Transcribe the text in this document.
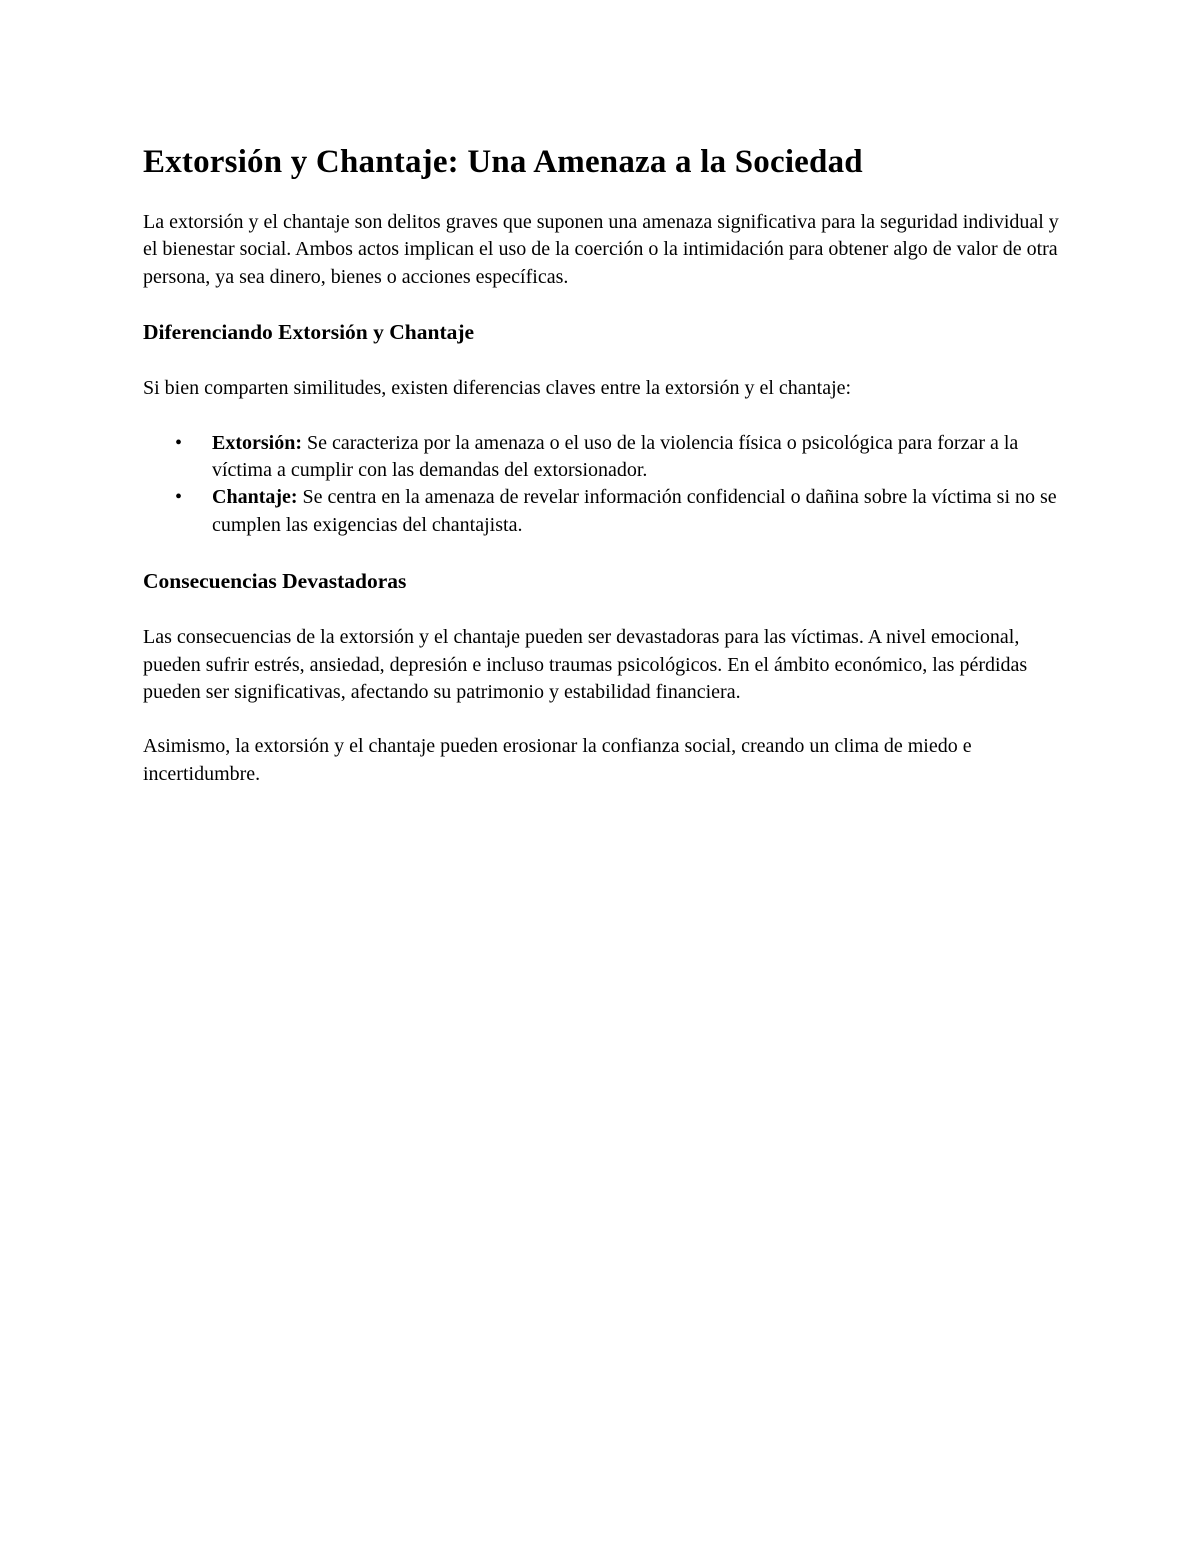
Extorsión y Chantaje: Una Amenaza a la Sociedad

La extorsión y el chantaje son delitos graves que suponen una amenaza significativa para la seguridad individual y el bienestar social. Ambos actos implican el uso de la coerción o la intimidación para obtener algo de valor de otra persona, ya sea dinero, bienes o acciones específicas.

Diferenciando Extorsión y Chantaje

Si bien comparten similitudes, existen diferencias claves entre la extorsión y el chantaje:

• Extorsión: Se caracteriza por la amenaza o el uso de la violencia física o psicológica para forzar a la víctima a cumplir con las demandas del extorsionador.
• Chantaje: Se centra en la amenaza de revelar información confidencial o dañina sobre la víctima si no se cumplen las exigencias del chantajista.
Consecuencias Devastadoras

Las consecuencias de la extorsión y el chantaje pueden ser devastadoras para las víctimas. A nivel emocional, pueden sufrir estrés, ansiedad, depresión e incluso traumas psicológicos. En el ámbito económico, las pérdidas pueden ser significativas, afectando su patrimonio y estabilidad financiera.

Asimismo, la extorsión y el chantaje pueden erosionar la confianza social, creando un clima de miedo e incertidumbre.
